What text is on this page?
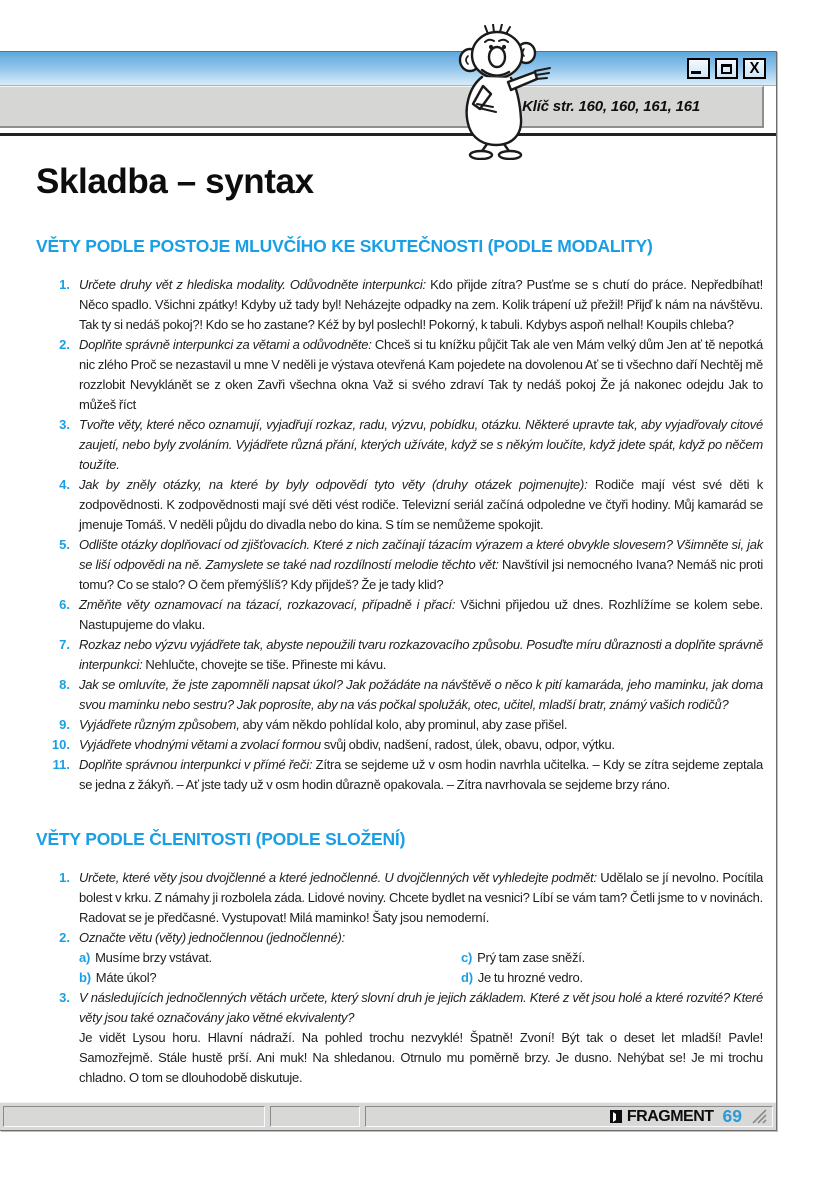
X
Klíč str. 160, 160, 161, 161
Skladba – syntax
VĚTY PODLE POSTOJE MLUVČÍHO KE SKUTEČNOSTI (PODLE MODALITY)
1. Určete druhy vět z hlediska modality. Odůvodněte interpunkci: Kdo přijde zítra? Pusťme se s chutí do práce. Nepředbíhat! Něco spadlo. Všichni zpátky! Kdyby už tady byl! Neházejte odpadky na zem. Kolik trápení už přežil! Přijď k nám na návštěvu. Tak ty si nedáš pokoj?! Kdo se ho zastane? Kéž by byl poslechl! Pokorný, k tabuli. Kdybys aspoň nelhal! Koupils chleba?
2. Doplňte správně interpunkci za větami a odůvodněte: Chceš si tu knížku půjčit Tak ale ven Mám velký dům Jen ať tě nepotká nic zlého Proč se nezastavil u mne V neděli je výstava otevřená Kam pojedete na dovolenou Ať se ti všechno daří Nechtěj mě rozzlobit Nevyklánět se z oken Zavři všechna okna Važ si svého zdraví Tak ty nedáš pokoj Že já nakonec odejdu Jak to můžeš říct
3. Tvořte věty, které něco oznamují, vyjadřují rozkaz, radu, výzvu, pobídku, otázku. Některé upravte tak, aby vyjadřovaly citové zaujetí, nebo byly zvoláním. Vyjádřete různá přání, kterých užíváte, když se s někým loučíte, když jdete spát, když po něčem toužíte.
4. Jak by zněly otázky, na které by byly odpovědí tyto věty (druhy otázek pojmenujte): Rodiče mají vést své děti k zodpovědnosti. K zodpovědnosti mají své děti vést rodiče. Televizní seriál začíná odpoledne ve čtyři hodiny. Můj kamarád se jmenuje Tomáš. V neděli půjdu do divadla nebo do kina. S tím se nemůžeme spokojit.
5. Odlište otázky doplňovací od zjišťovacích. Které z nich začínají tázacím výrazem a které obvykle slovesem? Všimněte si, jak se liší odpovědi na ně. Zamyslete se také nad rozdílností melodie těchto vět: Navštívil jsi nemocného Ivana? Nemáš nic proti tomu? Co se stalo? O čem přemýšlíš? Kdy přijdeš? Že je tady klid?
6. Změňte věty oznamovací na tázací, rozkazovací, případně i přací: Všichni přijedou už dnes. Rozhlížíme se kolem sebe. Nastupujeme do vlaku.
7. Rozkaz nebo výzvu vyjádřete tak, abyste nepoužili tvaru rozkazovacího způsobu. Posuďte míru důraznosti a doplňte správně interpunkci: Nehlučte, chovejte se tiše. Přineste mi kávu.
8. Jak se omluvíte, že jste zapomněli napsat úkol? Jak požádáte na návštěvě o něco k pití kamaráda, jeho maminku, jak doma svou maminku nebo sestru? Jak poprosíte, aby na vás počkal spolužák, otec, učitel, mladší bratr, známý vašich rodičů?
9. Vyjádřete různým způsobem, aby vám někdo pohlídal kolo, aby prominul, aby zase přišel.
10. Vyjádřete vhodnými větami a zvolací formou svůj obdiv, nadšení, radost, úlek, obavu, odpor, výtku.
11. Doplňte správnou interpunkci v přímé řeči: Zítra se sejdeme už v osm hodin navrhla učitelka. – Kdy se zítra sejdeme zeptala se jedna z žákyň. – Ať jste tady už v osm hodin důrazně opakovala. – Zítra navrhovala se sejdeme brzy ráno.
VĚTY PODLE ČLENITOSTI (PODLE SLOŽENÍ)
1. Určete, které věty jsou dvojčlenné a které jednočlenné. U dvojčlenných vět vyhledejte podmět: Udělalo se jí nevolno. Pocítila bolest v krku. Z námahy ji rozbolela záda. Lidové noviny. Chcete bydlet na vesnici? Líbí se vám tam? Četli jsme to v novinách. Radovat se je předčasné. Vystupovat! Milá maminko! Šaty jsou nemoderní.
2. Označte větu (věty) jednočlennou (jednočlenné):
a) Musíme brzy vstávat.	c) Prý tam zase sněží.
b) Máte úkol?	d) Je tu hrozné vedro.
3. V následujících jednočlenných větách určete, který slovní druh je jejich základem. Které z vět jsou holé a které rozvité? Které věty jsou také označovány jako větné ekvivalenty?
Je vidět Lysou horu. Hlavní nádraží. Na pohled trochu nezvyklé! Špatně! Zvoní! Být tak o deset let mladší! Pavle! Samozřejmě. Stále hustě prší. Ani muk! Na shledanou. Otrnulo mu poměrně brzy. Je dusno. Nehýbat se! Je mi trochu chladno. O tom se dlouhodobě diskutuje.
FRAGMENT 69
